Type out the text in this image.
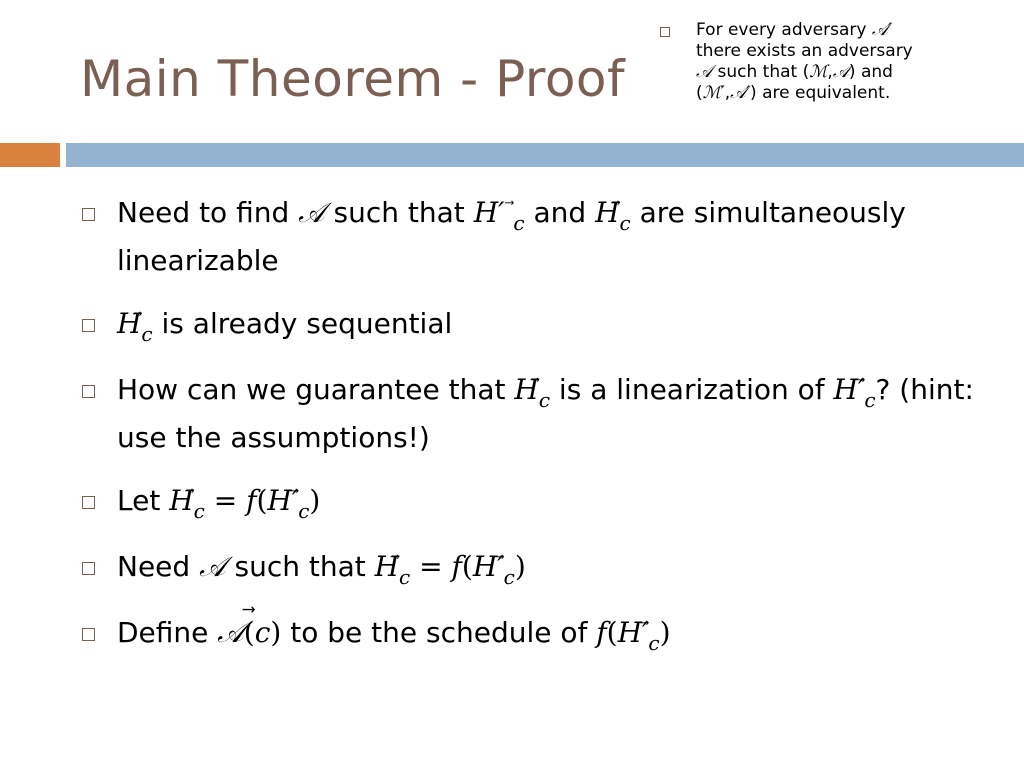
Main Theorem - Proof
For every adversary 𝒜′
there exists an adversary
𝒜 such that (ℳ,𝒜) and
(ℳ′,𝒜′) are equivalent.
Need to find 𝒜 such that H′ ⃗ c and H⃗ c are simultaneously linearizable
H⃗ c is already sequential
How can we guarantee that H⃗ c is a linearization of H′⃗ c? (hint: use the assumptions!)
Let H⃗ c = f(H′⃗ c)
Need 𝒜 such that H⃗ c = f(H′⃗ c)
Define 𝒜(⃗ c) to be the schedule of f(H′⃗ c)
